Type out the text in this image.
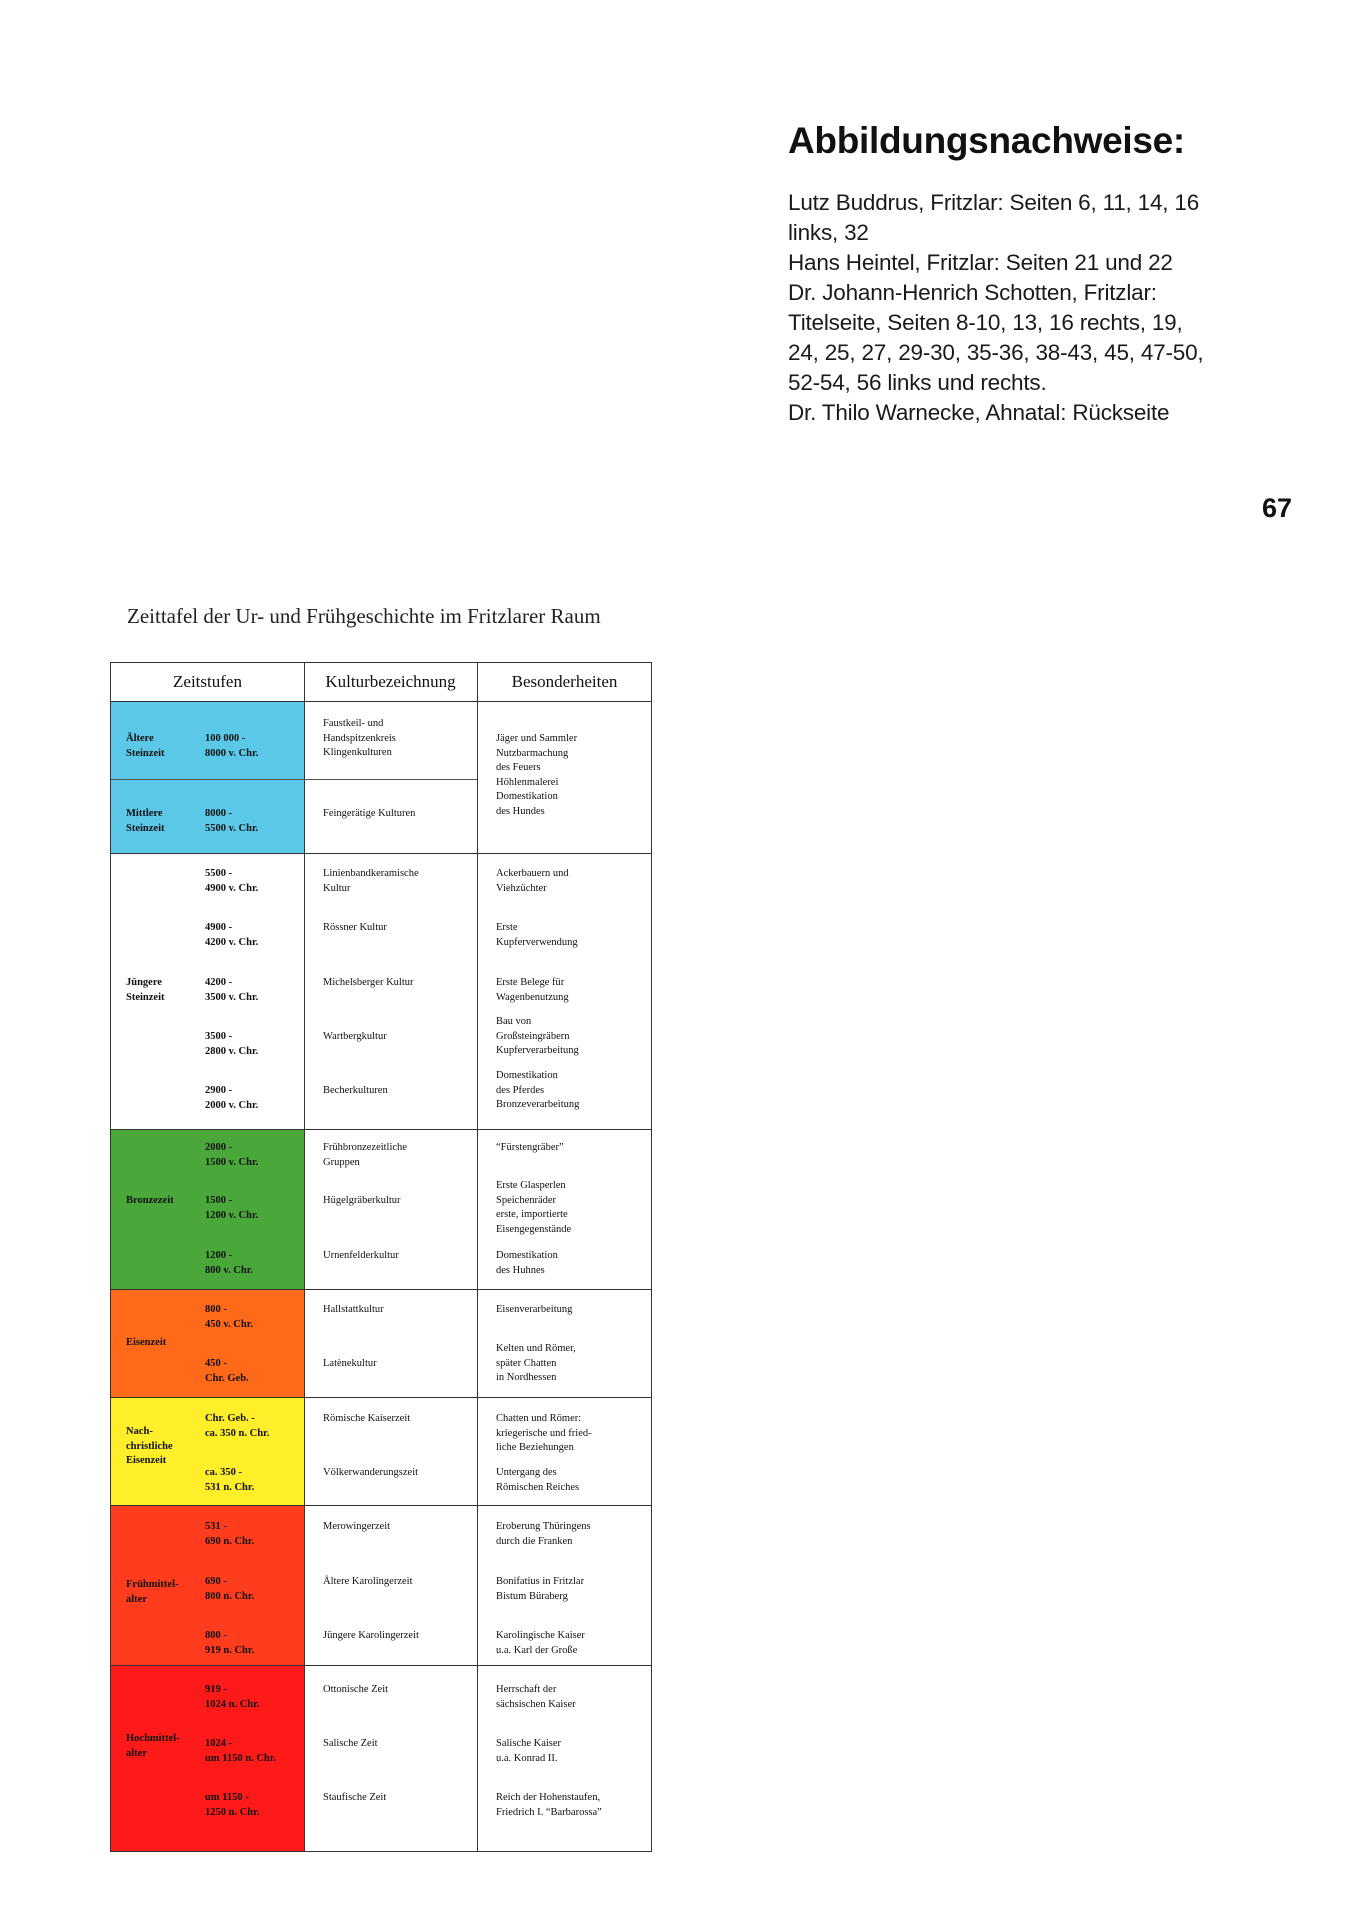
Abbildungsnachweise:

Lutz Buddrus, Fritzlar: Seiten 6, 11, 14, 16

links, 32

Hans Heintel, Fritzlar: Seiten 21 und 22

Dr. Johann-Henrich Schotten, Fritzlar:

Titelseite, Seiten 8-10, 13, 16 rechts, 19,

24, 25, 27, 29-30, 35-36, 38-43, 45, 47-50,

52-54, 56 links und rechts.

Dr. Thilo Warnecke, Ahnatal: Rückseite

67
Zeittafel der Ur- und Frühgeschichte im Fritzlarer Raum
Zeitstufen	Kulturbezeichnung	Besonderheiten
Ältere
Steinzeit
Mittlere
Steinzeit
Jüngere
Steinzeit
Bronzezeit
Eisenzeit
Nach-
christliche
Eisenzeit
Frühmittel-
alter
Hochmittel-
alter
100 000 -
8000 v. Chr.
8000 -
5500 v. Chr.
5500 -
4900 v. Chr.
4900 -
4200 v. Chr.
4200 -
3500 v. Chr.
3500 -
2800 v. Chr.
2900 -
2000 v. Chr.
2000 -
1500 v. Chr.
1500 -
1200 v. Chr.
1200 -
800 v. Chr.
800 -
450 v. Chr.
450 -
Chr. Geb.
Chr. Geb. -
ca. 350 n. Chr.
ca. 350 -
531 n. Chr.
531 -
690 n. Chr.
690 -
800 n. Chr.
800 -
919 n. Chr.
919 -
1024 n. Chr.
1024 -
um 1150 n. Chr.
um 1150 -
1250 n. Chr.
Faustkeil- und
Handspitzenkreis
Klingenkulturen
Feingerätige Kulturen
Linienbandkeramische
Kultur
Rössner Kultur
Michelsberger Kultur
Wartbergkultur
Becherkulturen
Frühbronzezeitliche
Gruppen
Hügelgräberkultur
Urnenfelderkultur
Hallstattkultur
Latènekultur
Römische Kaiserzeit
Völkerwanderungszeit
Merowingerzeit
Ältere Karolingerzeit
Jüngere Karolingerzeit
Ottonische Zeit
Salische Zeit
Staufische Zeit
Jäger und Sammler
Nutzbarmachung
des Feuers
Höhlenmalerei
Domestikation
des Hundes
Ackerbauern und
Viehzüchter
Erste
Kupferverwendung
Erste Belege für
Wagenbenutzung
Bau von
Großsteingräbern
Kupferverarbeitung
Domestikation
des Pferdes
Bronzeverarbeitung
“Fürstengräber”
Erste Glasperlen
Speichenräder
erste, importierte
Eisengegenstände
Domestikation
des Huhnes
Eisenverarbeitung
Kelten und Römer,
später Chatten
in Nordhessen
Chatten und Römer:
kriegerische und fried-
liche Beziehungen
Untergang des
Römischen Reiches
Eroberung Thüringens
durch die Franken
Bonifatius in Fritzlar
Bistum Büraberg
Karolingische Kaiser
u.a. Karl der Große
Herrschaft der
sächsischen Kaiser
Salische Kaiser
u.a. Konrad II.
Reich der Hohenstaufen,
Friedrich I. “Barbarossa”
